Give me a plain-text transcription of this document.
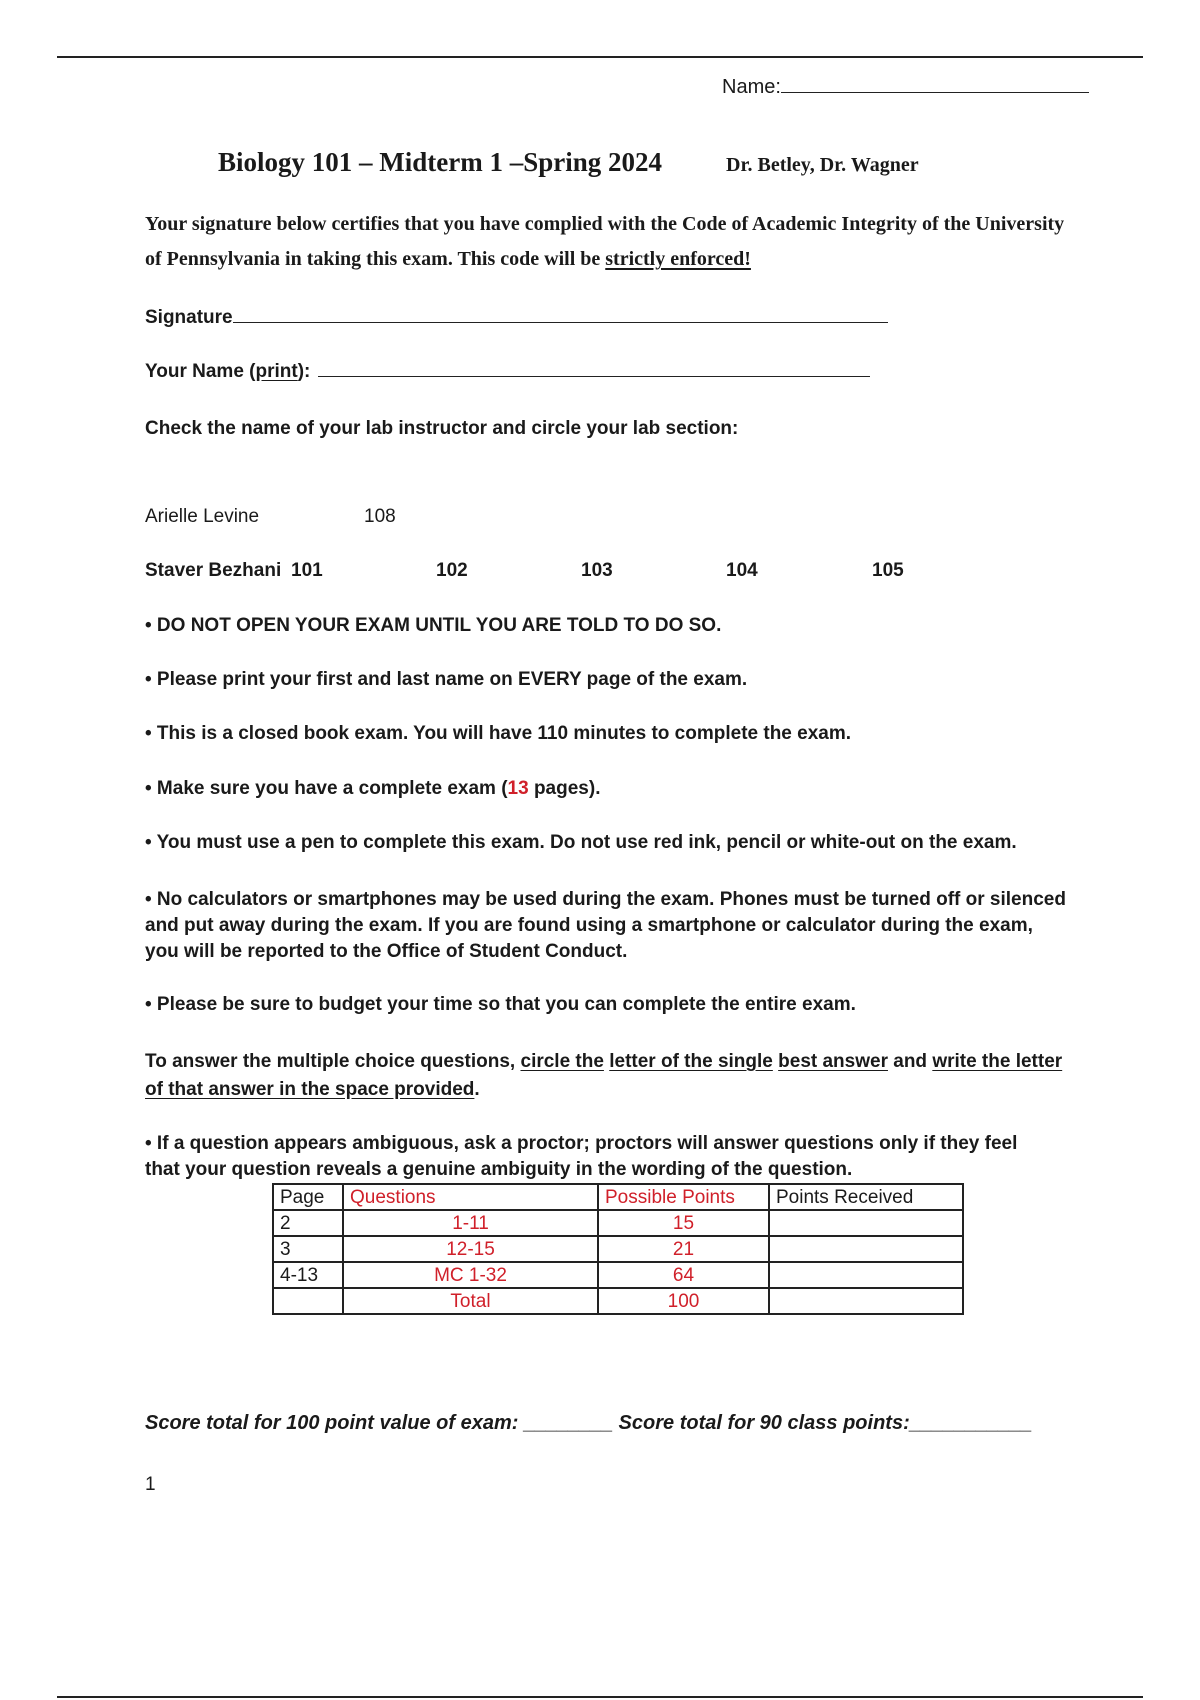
Name:
Biology 101 – Midterm 1 –Spring 2024	Dr. Betley, Dr. Wagner
Your signature below certifies that you have complied with the Code of Academic Integrity of the University of Pennsylvania in taking this exam. This code will be strictly enforced!
Signature
Your Name (print):
Check the name of your lab instructor and circle your lab section:
Arielle Levine	108
Staver Bezhani 101	102	103	104	105
• DO NOT OPEN YOUR EXAM UNTIL YOU ARE TOLD TO DO SO.
• Please print your first and last name on EVERY page of the exam.
• This is a closed book exam. You will have 110 minutes to complete the exam.
• Make sure you have a complete exam (13 pages).
• You must use a pen to complete this exam. Do not use red ink, pencil or white-out on the exam.
• No calculators or smartphones may be used during the exam. Phones must be turned off or silenced
and put away during the exam. If you are found using a smartphone or calculator during the exam,
you will be reported to the Office of Student Conduct.
• Please be sure to budget your time so that you can complete the entire exam.
To answer the multiple choice questions, circle the letter of the single best answer and write the letter
of that answer in the space provided.
• If a question appears ambiguous, ask a proctor; proctors will answer questions only if they feel
that your question reveals a genuine ambiguity in the wording of the question.
Page	Questions	Possible Points	Points Received
2	1-11	15	
3	12-15	21	
4-13	MC 1-32	64	
	Total	100	
Score total for 100 point value of exam: ________ Score total for 90 class points:___________
1
